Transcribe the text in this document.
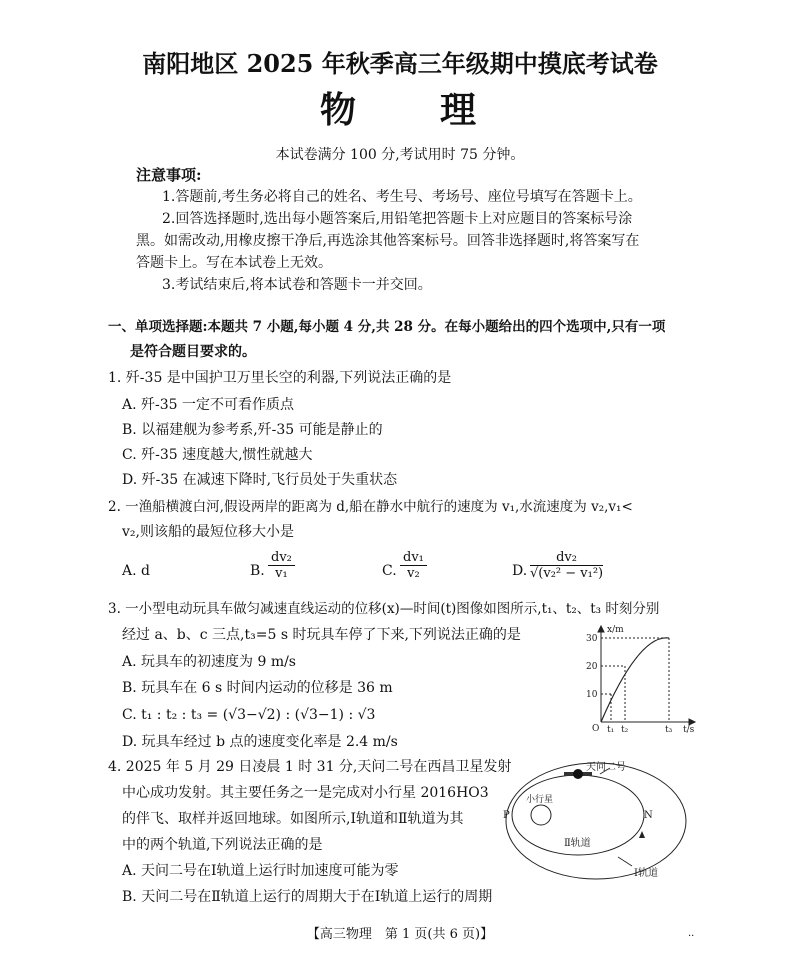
南阳地区 2025 年秋季高三年级期中摸底考试卷
物　　理
本试卷满分 100 分,考试用时 75 分钟。
注意事项:
1.答题前,考生务必将自己的姓名、考生号、考场号、座位号填写在答题卡上。
2.回答选择题时,选出每小题答案后,用铅笔把答题卡上对应题目的答案标号涂
黑。如需改动,用橡皮擦干净后,再选涂其他答案标号。回答非选择题时,将答案写在
答题卡上。写在本试卷上无效。
3.考试结束后,将本试卷和答题卡一并交回。
一、单项选择题:本题共 7 小题,每小题 4 分,共 28 分。在每小题给出的四个选项中,只有一项
是符合题目要求的。
1. 歼-35 是中国护卫万里长空的利器,下列说法正确的是
A. 歼-35 一定不可看作质点
B. 以福建舰为参考系,歼-35 可能是静止的
C. 歼-35 速度越大,惯性就越大
D. 歼-35 在减速下降时,飞行员处于失重状态
2. 一渔船横渡白河,假设两岸的距离为 d,船在静水中航行的速度为 v₁,水流速度为 v₂,v₁<
v₂,则该船的最短位移大小是
A. d	B. $\frac{\text{dv₂}}{\text{v₁}}$	C. $\frac{\text{dv₁}}{\text{v₂}}$	D. $\frac{\text{dv₂}}{\text{√(v₂² − v₁²)}}$
3. 一小型电动玩具车做匀减速直线运动的位移(x)—时间(t)图像如图所示,t₁、t₂、t₃ 时刻分别
经过 a、b、c 三点,t₃=5 s 时玩具车停了下来,下列说法正确的是
A. 玩具车的初速度为 9 m/s
B. 玩具车在 6 s 时间内运动的位移是 36 m
C. t₁ : t₂ : t₃ = (√3−√2) : (√3−1) : √3
D. 玩具车经过 b 点的速度变化率是 2.4 m/s
x/m
t/s
O
30
20
10
t₁ t₂	t₃
4. 2025 年 5 月 29 日凌晨 1 时 31 分,天问二号在西昌卫星发射
中心成功发射。其主要任务之一是完成对小行星 2016HO3
的伴飞、取样并返回地球。如图所示,Ⅰ轨道和Ⅱ轨道为其
中的两个轨道,下列说法正确的是
A. 天问二号在Ⅰ轨道上运行时加速度可能为零
B. 天问二号在Ⅱ轨道上运行的周期大于在Ⅰ轨道上运行的周期
天问二号
小行星
P	N
Ⅱ轨道
Ⅰ轨道
【高三物理　第 1 页(共 6 页)】	··
